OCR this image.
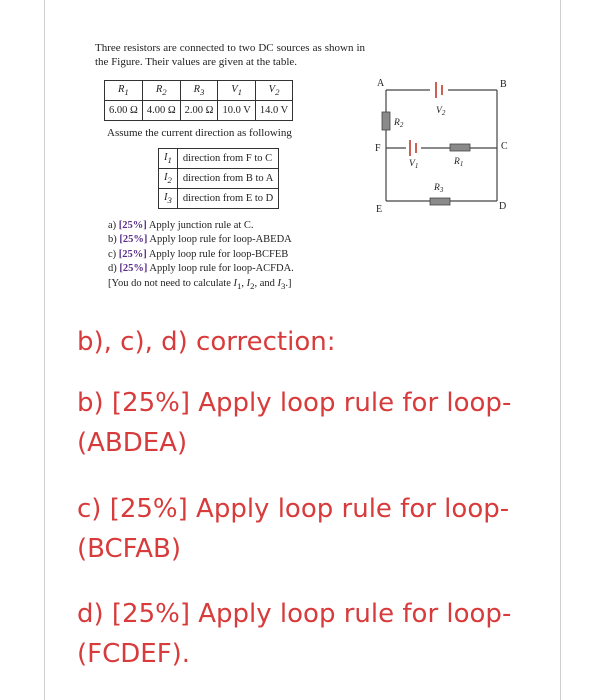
Three resistors are connected to two DC sources as shown in the Figure. Their values are given at the table.
$R_1$	$R_2$	$R_3$	$V_1$	$V_2$
6.00 Ω	4.00 Ω	2.00 Ω	10.0 V	14.0 V
Assume the current direction as following
$I_1$	direction from F to C
$I_2$	direction from B to A
$I_3$	direction from E to D
a) [25%] Apply junction rule at C.
b) [25%] Apply loop rule for loop-ABEDA
c) [25%] Apply loop rule for loop-BCFEB
d) [25%] Apply loop rule for loop-ACFDA.
[You do not need to calculate $I_1$, $I_2$, and $I_3$.]
A	B
C
D
E
F
$R_2$
$V_2$
$V_1$	$R_1$
$R_3$
b), c), d) correction:
b) [25%] Apply loop rule for loop- (ABDEA)
c) [25%] Apply loop rule for loop- (BCFAB)
d) [25%] Apply loop rule for loop- (FCDEF).
